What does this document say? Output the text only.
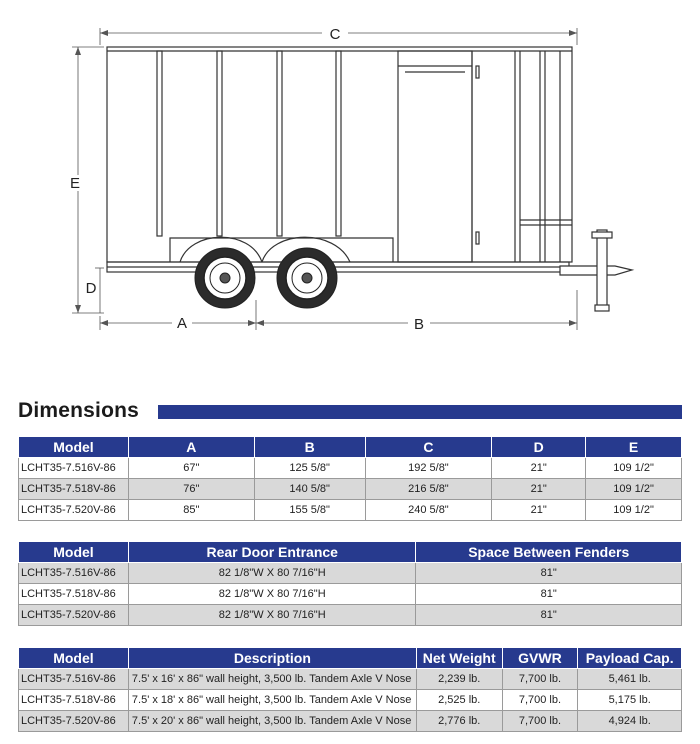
C
E
D
A	B
Dimensions
Model	A	B	C	D	E
LCHT35-7.516V-86	67"	125 5/8"	192 5/8"	21"	109 1/2"
LCHT35-7.518V-86	76"	140 5/8"	216 5/8"	21"	109 1/2"
LCHT35-7.520V-86	85"	155 5/8"	240 5/8"	21"	109 1/2"
Model	Rear Door Entrance	Space Between Fenders
LCHT35-7.516V-86	82 1/8"W X 80 7/16"H	81"
LCHT35-7.518V-86	82 1/8"W X 80 7/16"H	81"
LCHT35-7.520V-86	82 1/8"W X 80 7/16"H	81"
Model	Description	Net Weight	GVWR	Payload Cap.
LCHT35-7.516V-86	7.5' x 16' x 86" wall height, 3,500 lb. Tandem Axle V Nose	2,239 lb.	7,700 lb.	5,461 lb.
LCHT35-7.518V-86	7.5' x 18' x 86" wall height, 3,500 lb. Tandem Axle V Nose	2,525 lb.	7,700 lb.	5,175 lb.
LCHT35-7.520V-86	7.5' x 20' x 86" wall height, 3,500 lb. Tandem Axle V Nose	2,776 lb.	7,700 lb.	4,924 lb.
